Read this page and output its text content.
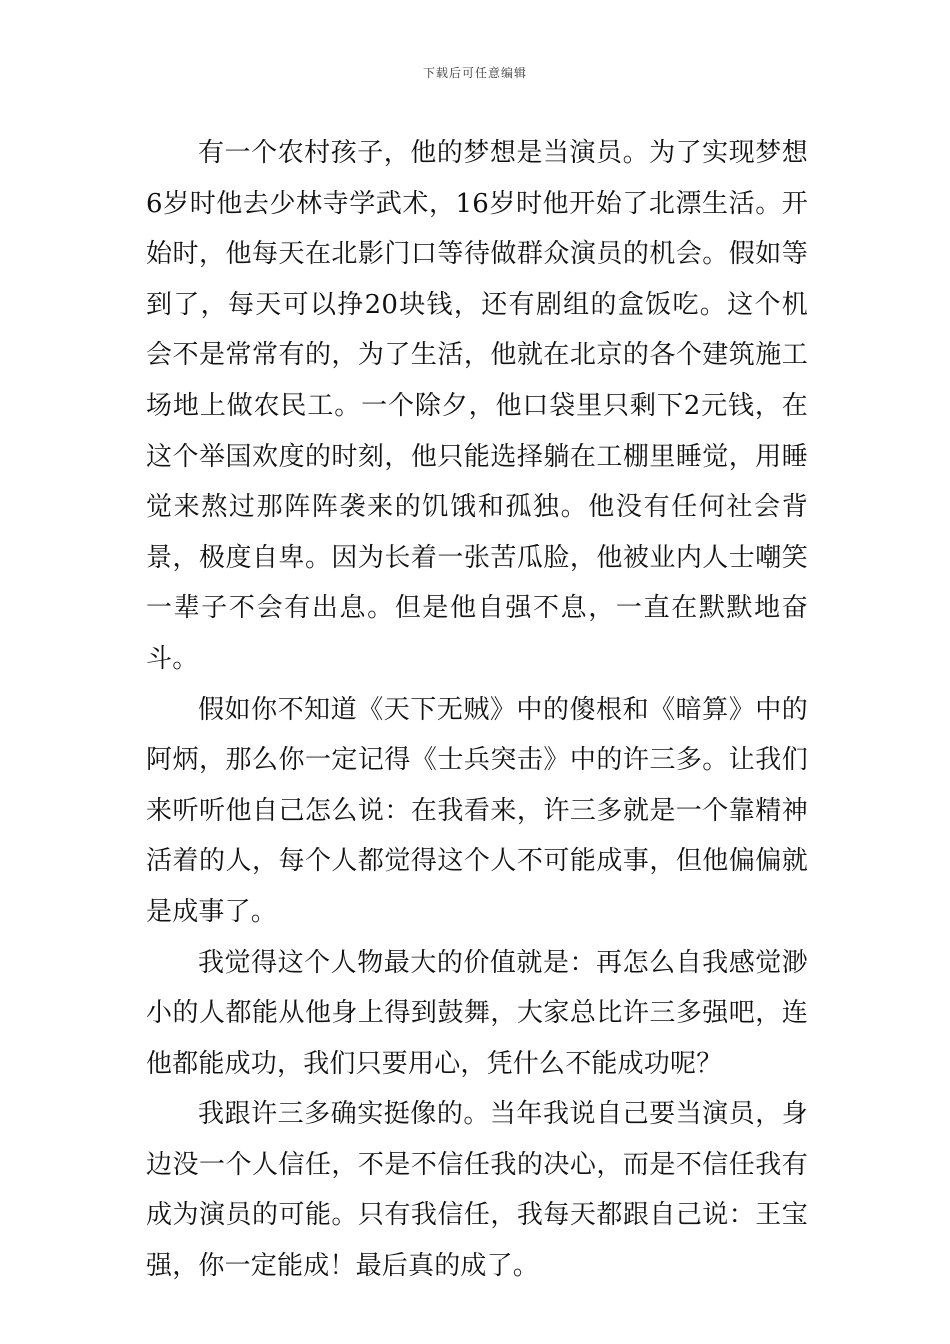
下载后可任意编辑

有一个农村孩子，他的梦想是当演员。为了实现梦想6岁时他去少林寺学武术，16岁时他开始了北漂生活。开始时，他每天在北影门口等待做群众演员的机会。假如等到了，每天可以挣20块钱，还有剧组的盒饭吃。这个机会不是常常有的，为了生活，他就在北京的各个建筑施工场地上做农民工。一个除夕，他口袋里只剩下2元钱，在这个举国欢度的时刻，他只能选择躺在工棚里睡觉，用睡觉来熬过那阵阵袭来的饥饿和孤独。他没有任何社会背景，极度自卑。因为长着一张苦瓜脸，他被业内人士嘲笑一辈子不会有出息。但是他自强不息，一直在默默地奋斗。

假如你不知道《天下无贼》中的傻根和《暗算》中的阿炳，那么你一定记得《士兵突击》中的许三多。让我们来听听他自己怎么说：在我看来，许三多就是一个靠精神活着的人，每个人都觉得这个人不可能成事，但他偏偏就是成事了。

我觉得这个人物最大的价值就是：再怎么自我感觉渺小的人都能从他身上得到鼓舞，大家总比许三多强吧，连他都能成功，我们只要用心，凭什么不能成功呢？

我跟许三多确实挺像的。当年我说自己要当演员，身边没一个人信任，不是不信任我的决心，而是不信任我有成为演员的可能。只有我信任，我每天都跟自己说：王宝强，你一定能成！最后真的成了。
